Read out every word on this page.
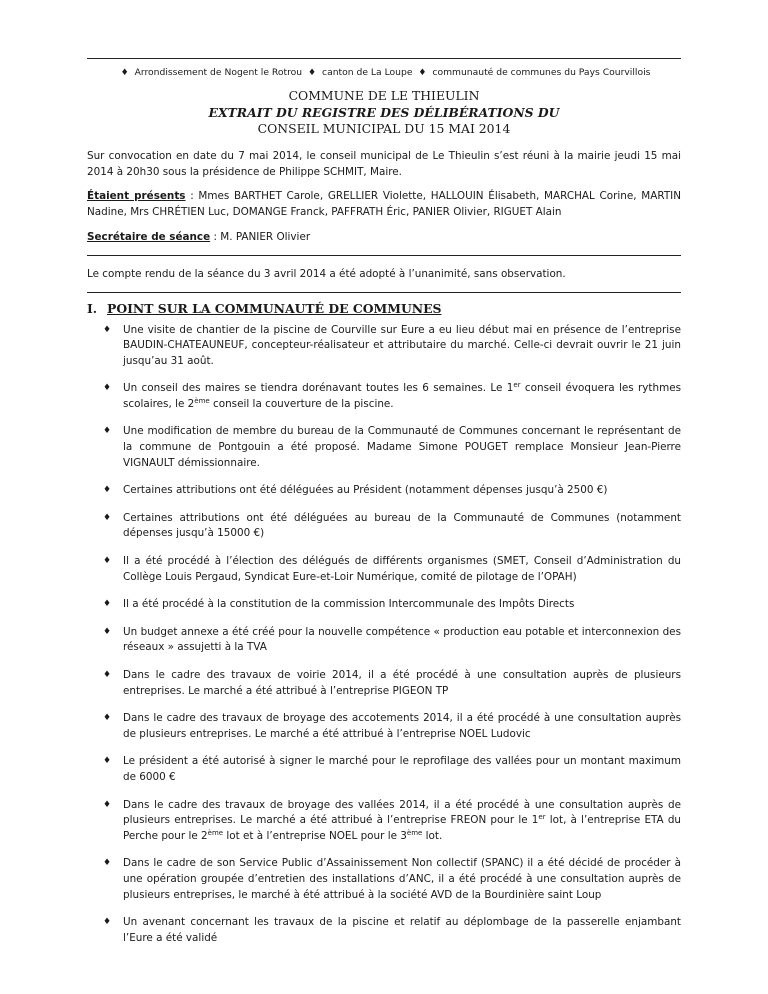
♦ Arrondissement de Nogent le Rotrou ♦ canton de La Loupe ♦ communauté de communes du Pays Courvillois
COMMUNE DE LE THIEULIN
EXTRAIT DU REGISTRE DES DÉLIBÉRATIONS DU
CONSEIL MUNICIPAL DU 15 MAI 2014

Sur convocation en date du 7 mai 2014, le conseil municipal de Le Thieulin s’est réuni à la mairie jeudi 15 mai 2014 à 20h30 sous la présidence de Philippe SCHMIT, Maire.

Étaient présents : Mmes BARTHET Carole, GRELLIER Violette, HALLOUIN Élisabeth, MARCHAL Corine, MARTIN Nadine, Mrs CHRÉTIEN Luc, DOMANGE Franck, PAFFRATH Éric, PANIER Olivier, RIGUET Alain

Secrétaire de séance : M. PANIER Olivier

Le compte rendu de la séance du 3 avril 2014 a été adopté à l’unanimité, sans observation.

I. POINT SUR LA COMMUNAUTÉ DE COMMUNES
♦ Une visite de chantier de la piscine de Courville sur Eure a eu lieu début mai en présence de l’entreprise BAUDIN-CHATEAUNEUF, concepteur-réalisateur et attributaire du marché. Celle-ci devrait ouvrir le 21 juin jusqu’au 31 août.
♦ Un conseil des maires se tiendra dorénavant toutes les 6 semaines. Le 1er conseil évoquera les rythmes scolaires, le 2ème conseil la couverture de la piscine.
♦ Une modification de membre du bureau de la Communauté de Communes concernant le représentant de la commune de Pontgouin a été proposé. Madame Simone POUGET remplace Monsieur Jean-Pierre VIGNAULT démissionnaire.
♦ Certaines attributions ont été déléguées au Président (notamment dépenses jusqu’à 2500 €)
♦ Certaines attributions ont été déléguées au bureau de la Communauté de Communes (notamment dépenses jusqu’à 15000 €)
♦ Il a été procédé à l’élection des délégués de différents organismes (SMET, Conseil d’Administration du Collège Louis Pergaud, Syndicat Eure-et-Loir Numérique, comité de pilotage de l’OPAH)
♦ Il a été procédé à la constitution de la commission Intercommunale des Impôts Directs
♦ Un budget annexe a été créé pour la nouvelle compétence « production eau potable et interconnexion des réseaux » assujetti à la TVA
♦ Dans le cadre des travaux de voirie 2014, il a été procédé à une consultation auprès de plusieurs entreprises. Le marché a été attribué à l’entreprise PIGEON TP
♦ Dans le cadre des travaux de broyage des accotements 2014, il a été procédé à une consultation auprès de plusieurs entreprises. Le marché a été attribué à l’entreprise NOEL Ludovic
♦ Le président a été autorisé à signer le marché pour le reprofilage des vallées pour un montant maximum de 6000 €
♦ Dans le cadre des travaux de broyage des vallées 2014, il a été procédé à une consultation auprès de plusieurs entreprises. Le marché a été attribué à l’entreprise FREON pour le 1er lot, à l’entreprise ETA du Perche pour le 2ème lot et à l’entreprise NOEL pour le 3ème lot.
♦ Dans le cadre de son Service Public d’Assainissement Non collectif (SPANC) il a été décidé de procéder à une opération groupée d’entretien des installations d’ANC, il a été procédé à une consultation auprès de plusieurs entreprises, le marché à été attribué à la société AVD de la Bourdinière saint Loup
♦ Un avenant concernant les travaux de la piscine et relatif au déplombage de la passerelle enjambant l’Eure a été validé
